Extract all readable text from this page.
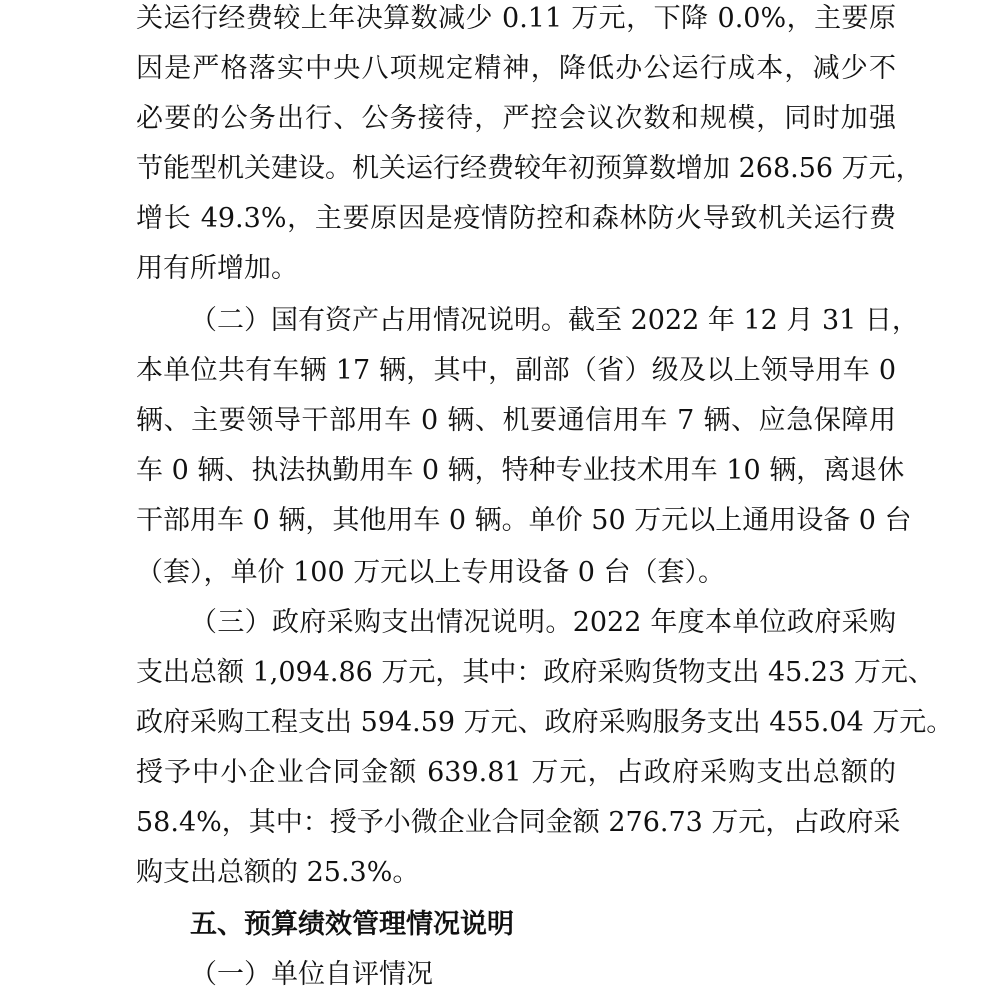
关运行经费较上年决算数减少 0.11 万元，下降 0.0%，主要原
因是严格落实中央八项规定精神，降低办公运行成本，减少不
必要的公务出行、公务接待，严控会议次数和规模，同时加强
节能型机关建设。机关运行经费较年初预算数增加 268.56 万元，
增长 49.3%，主要原因是疫情防控和森林防火导致机关运行费
用有所增加。
（二）国有资产占用情况说明。截至 2022 年 12 月 31 日，
本单位共有车辆 17 辆，其中，副部（省）级及以上领导用车 0
辆、主要领导干部用车 0 辆、机要通信用车 7 辆、应急保障用
车 0 辆、执法执勤用车 0 辆，特种专业技术用车 10 辆，离退休
干部用车 0 辆，其他用车 0 辆。单价 50 万元以上通用设备 0 台
（套），单价 100 万元以上专用设备 0 台（套）。
（三）政府采购支出情况说明。2022 年度本单位政府采购
支出总额 1,094.86 万元，其中：政府采购货物支出 45.23 万元、
政府采购工程支出 594.59 万元、政府采购服务支出 455.04 万元。
授予中小企业合同金额 639.81 万元，占政府采购支出总额的
58.4%，其中：授予小微企业合同金额 276.73 万元，占政府采
购支出总额的 25.3%。
五、预算绩效管理情况说明
（一）单位自评情况
